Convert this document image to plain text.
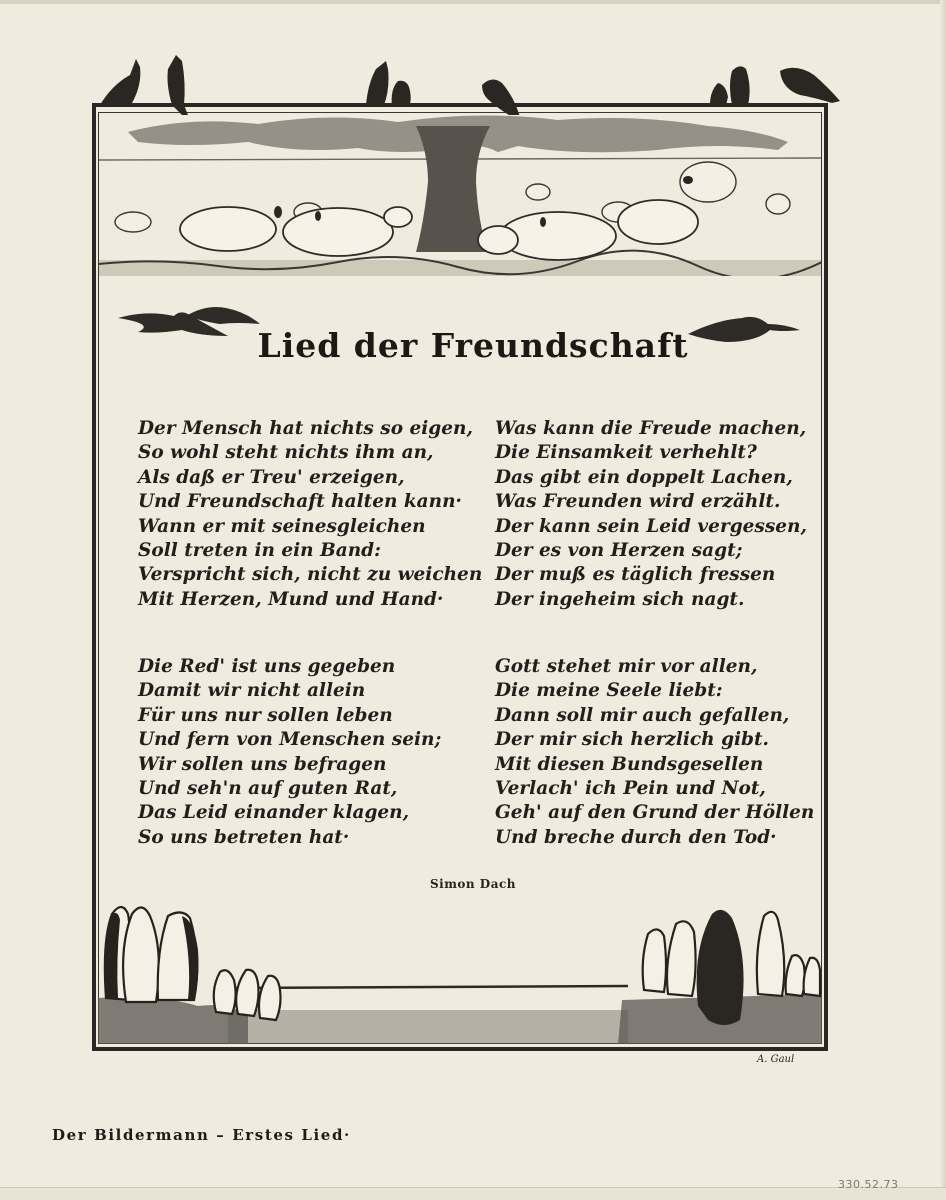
Lied der Freundschaft
Der Mensch hat nichts so eigen,
So wohl steht nichts ihm an,
Als daß er Treu' erzeigen,
Und Freundschaft halten kann·
Wann er mit seinesgleichen
Soll treten in ein Band:
Verspricht sich, nicht zu weichen
Mit Herzen, Mund und Hand·
Was kann die Freude machen,
Die Einsamkeit verhehlt?
Das gibt ein doppelt Lachen,
Was Freunden wird erzählt.
Der kann sein Leid vergessen,
Der es von Herzen sagt;
Der muß es täglich fressen
Der ingeheim sich nagt.
Die Red' ist uns gegeben
Damit wir nicht allein
Für uns nur sollen leben
Und fern von Menschen sein;
Wir sollen uns befragen
Und seh'n auf guten Rat,
Das Leid einander klagen,
So uns betreten hat·
Gott stehet mir vor allen,
Die meine Seele liebt:
Dann soll mir auch gefallen,
Der mir sich herzlich gibt.
Mit diesen Bundsgesellen
Verlach' ich Pein und Not,
Geh' auf den Grund der Höllen
Und breche durch den Tod·
Simon Dach
A. Gaul
Der Bildermann – Erstes Lied·
330.52.73
